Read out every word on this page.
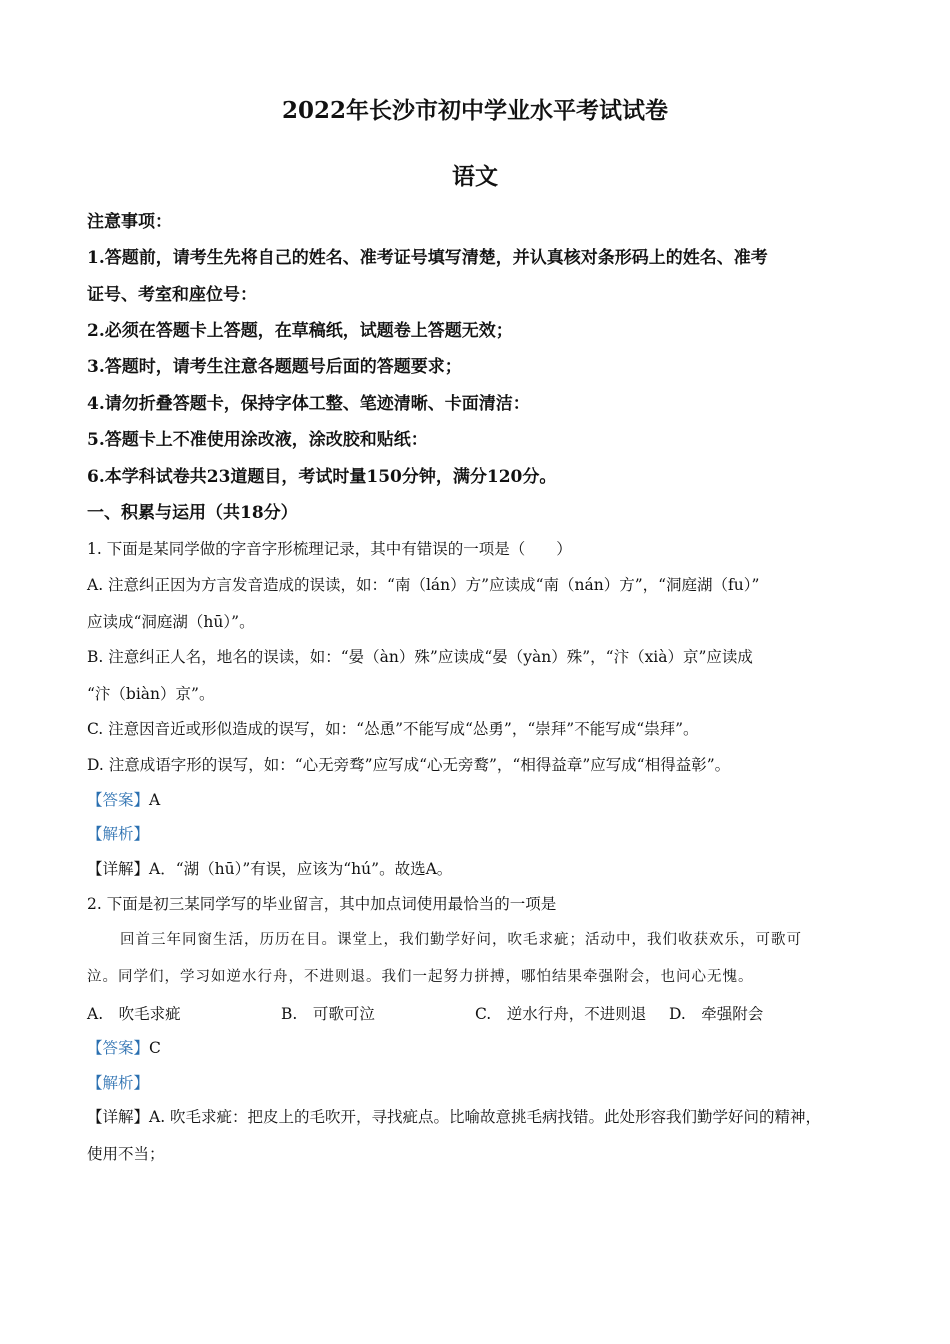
2022年长沙市初中学业水平考试试卷
语文
注意事项：
1.答题前，请考生先将自己的姓名、准考证号填写清楚，并认真核对条形码上的姓名、准考
证号、考室和座位号：
2.必须在答题卡上答题，在草稿纸，试题卷上答题无效；
3.答题时，请考生注意各题题号后面的答题要求；
4.请勿折叠答题卡，保持字体工整、笔迹清晰、卡面清洁：
5.答题卡上不准使用涂改液，涂改胶和贴纸：
6.本学科试卷共23道题目，考试时量150分钟，满分120分。
一、积累与运用（共18分）
1. 下面是某同学做的字音字形梳理记录，其中有错误的一项是（　　）
A. 注意纠正因为方言发音造成的误读，如：“南（lán）方”应读成“南（nán）方”，“洞庭湖（fu）”
应读成“洞庭湖（hū）”。
B. 注意纠正人名，地名的误读，如：“晏（àn）殊”应读成“晏（yàn）殊”，“汴（xià）京”应读成
“汴（biàn）京”。
C. 注意因音近或形似造成的误写，如：“怂恿”不能写成“怂勇”，“崇拜”不能写成“祟拜”。
D. 注意成语字形的误写，如：“心无旁骛”应写成“心无旁鹜”，“相得益章”应写成“相得益彰”。
【答案】A
【解析】
【详解】A．“湖（hū）”有误，应该为“hú”。故选A。
2. 下面是初三某同学写的毕业留言，其中加点词使用最恰当的一项是
回首三年同窗生活，历历在目。课堂上，我们勤学好问，吹毛求疵；活动中，我们收获欢乐，可歌可
泣。同学们，学习如逆水行舟，不进则退。我们一起努力拼搏，哪怕结果牵强附会，也问心无愧。
A.　吹毛求疵	B.　可歌可泣	C.　逆水行舟，不进则退 D.　牵强附会
【答案】C
【解析】
【详解】A. 吹毛求疵：把皮上的毛吹开，寻找疵点。比喻故意挑毛病找错。此处形容我们勤学好问的精神，
使用不当；
